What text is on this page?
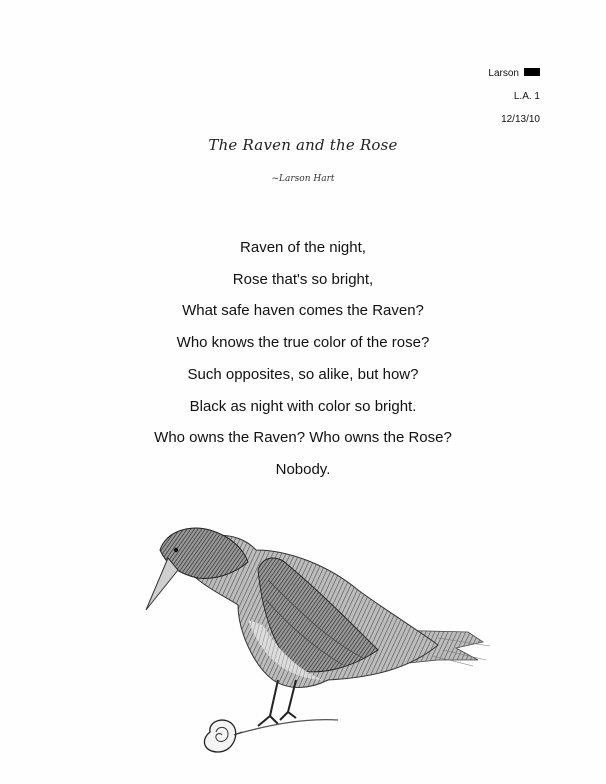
Larson
L.A. 1
12/13/10
The Raven and the Rose
~Larson Hart
Raven of the night,
Rose that's so bright,
What safe haven comes the Raven?
Who knows the true color of the rose?
Such opposites, so alike, but how?
Black as night with color so bright.
Who owns the Raven? Who owns the Rose?
Nobody.
